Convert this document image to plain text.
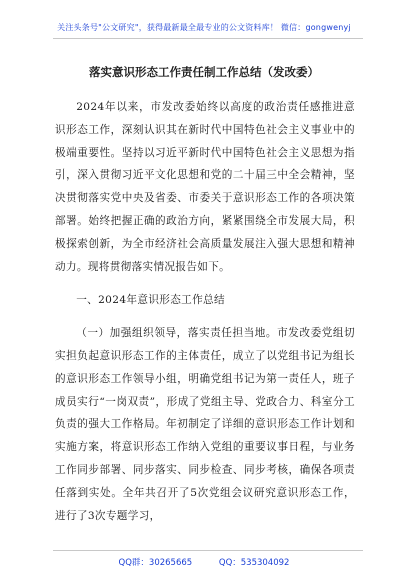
关注头条号"公文研究"，获得最新最全最专业的公文资料库！ 微信：gongwenyj
落实意识形态工作责任制工作总结（发改委）

2024年以来，市发改委始终以高度的政治责任感推进意识形态工作，深刻认识其在新时代中国特色社会主义事业中的极端重要性。坚持以习近平新时代中国特色社会主义思想为指引，深入贯彻习近平文化思想和党的二十届三中全会精神，坚决贯彻落实党中央及省委、市委关于意识形态工作的各项决策部署。始终把握正确的政治方向，紧紧围绕全市发展大局，积极探索创新，为全市经济社会高质量发展注入强大思想和精神动力。现将贯彻落实情况报告如下。

一、2024年意识形态工作总结

（一）加强组织领导，落实责任担当地。市发改委党组切实担负起意识形态工作的主体责任，成立了以党组书记为组长的意识形态工作领导小组，明确党组书记为第一责任人，班子成员实行“一岗双责”，形成了党组主导、党政合力、科室分工负责的强大工作格局。年初制定了详细的意识形态工作计划和实施方案，将意识形态工作纳入党组的重要议事日程，与业务工作同步部署、同步落实、同步检查、同步考核，确保各项责任落到实处。全年共召开了5次党组会议研究意识形态工作，进行了3次专题学习，

QQ群：30265665	QQ：535304092
